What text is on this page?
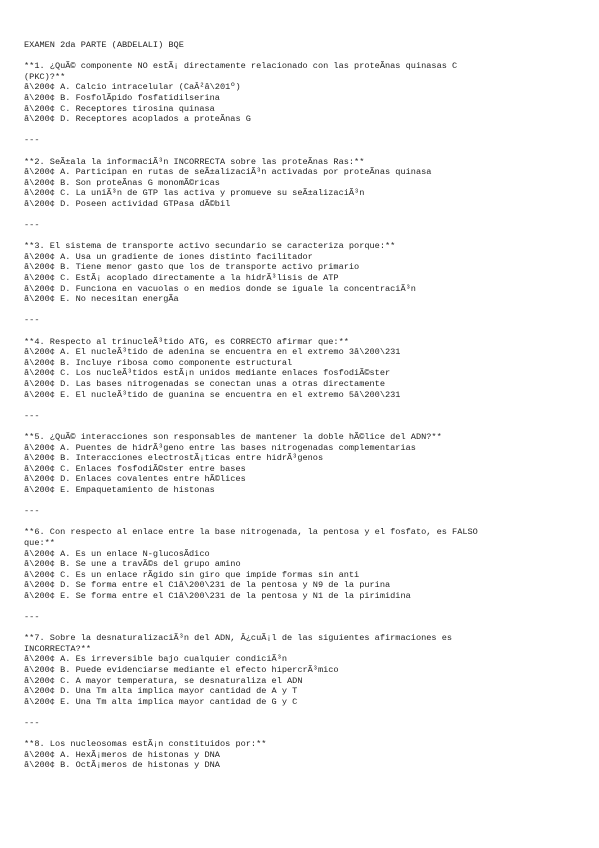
EXAMEN 2da PARTE (ABDELALI) BQE
**1. ¿QuÃ© componente NO estÃ¡ directamente relacionado con las proteÃnas quinasas C
(PKC)?**
â\200¢ A. Calcio intracelular (CaÂ²â\201º)
â\200¢ B. FosfolÃpido fosfatidilserina
â\200¢ C. Receptores tirosina quinasa
â\200¢ D. Receptores acoplados a proteÃnas G
---
**2. SeÃ±ala la informaciÃ³n INCORRECTA sobre las proteÃnas Ras:**
â\200¢ A. Participan en rutas de seÃ±alizaciÃ³n activadas por proteÃnas quinasa
â\200¢ B. Son proteÃnas G monomÃ©ricas
â\200¢ C. La uniÃ³n de GTP las activa y promueve su seÃ±alizaciÃ³n
â\200¢ D. Poseen actividad GTPasa dÃ©bil
---
**3. El sistema de transporte activo secundario se caracteriza porque:**
â\200¢ A. Usa un gradiente de iones distinto facilitador
â\200¢ B. Tiene menor gasto que los de transporte activo primario
â\200¢ C. EstÃ¡ acoplado directamente a la hidrÃ³lisis de ATP
â\200¢ D. Funciona en vacuolas o en medios donde se iguale la concentraciÃ³n
â\200¢ E. No necesitan energÃa
---
**4. Respecto al trinucleÃ³tido ATG, es CORRECTO afirmar que:**
â\200¢ A. El nucleÃ³tido de adenina se encuentra en el extremo 3â\200\231
â\200¢ B. Incluye ribosa como componente estructural
â\200¢ C. Los nucleÃ³tidos estÃ¡n unidos mediante enlaces fosfodiÃ©ster
â\200¢ D. Las bases nitrogenadas se conectan unas a otras directamente
â\200¢ E. El nucleÃ³tido de guanina se encuentra en el extremo 5â\200\231
---
**5. ¿QuÃ© interacciones son responsables de mantener la doble hÃ©lice del ADN?**
â\200¢ A. Puentes de hidrÃ³geno entre las bases nitrogenadas complementarias
â\200¢ B. Interacciones electrostÃ¡ticas entre hidrÃ³genos
â\200¢ C. Enlaces fosfodiÃ©ster entre bases
â\200¢ D. Enlaces covalentes entre hÃ©lices
â\200¢ E. Empaquetamiento de histonas
---
**6. Con respecto al enlace entre la base nitrogenada, la pentosa y el fosfato, es FALSO
que:**
â\200¢ A. Es un enlace N-glucosÃdico
â\200¢ B. Se une a travÃ©s del grupo amino
â\200¢ C. Es un enlace rÃgido sin giro que impide formas sin anti
â\200¢ D. Se forma entre el C1â\200\231 de la pentosa y N9 de la purina
â\200¢ E. Se forma entre el C1â\200\231 de la pentosa y N1 de la pirimidina
---
**7. Sobre la desnaturalizaciÃ³n del ADN, Â¿cuÃ¡l de las siguientes afirmaciones es
INCORRECTA?**
â\200¢ A. Es irreversible bajo cualquier condiciÃ³n
â\200¢ B. Puede evidenciarse mediante el efecto hipercrÃ³mico
â\200¢ C. A mayor temperatura, se desnaturaliza el ADN
â\200¢ D. Una Tm alta implica mayor cantidad de A y T
â\200¢ E. Una Tm alta implica mayor cantidad de G y C
---
**8. Los nucleosomas estÃ¡n constituidos por:**
â\200¢ A. HexÃ¡meros de histonas y DNA
â\200¢ B. OctÃ¡meros de histonas y DNA
